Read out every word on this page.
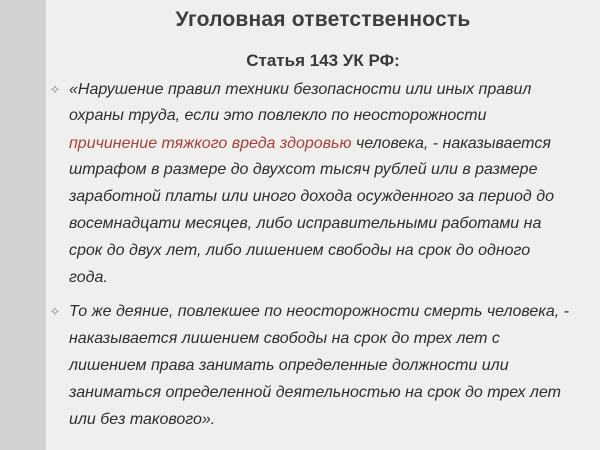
Уголовная ответственность
Статья 143 УК РФ:
✧
✧
«Нарушение правил техники безопасности или иных правил
охраны труда, если это повлекло по неосторожности
причинение тяжкого вреда здоровью человека, - наказывается
штрафом в размере до двухсот тысяч рублей или в размере
заработной платы или иного дохода осужденного за период до
восемнадцати месяцев, либо исправительными работами на
срок до двух лет, либо лишением свободы на срок до одного
года.
То же деяние, повлекшее по неосторожности смерть человека, -
наказывается лишением свободы на срок до трех лет с
лишением права занимать определенные должности или
заниматься определенной деятельностью на срок до трех лет
или без такового».
